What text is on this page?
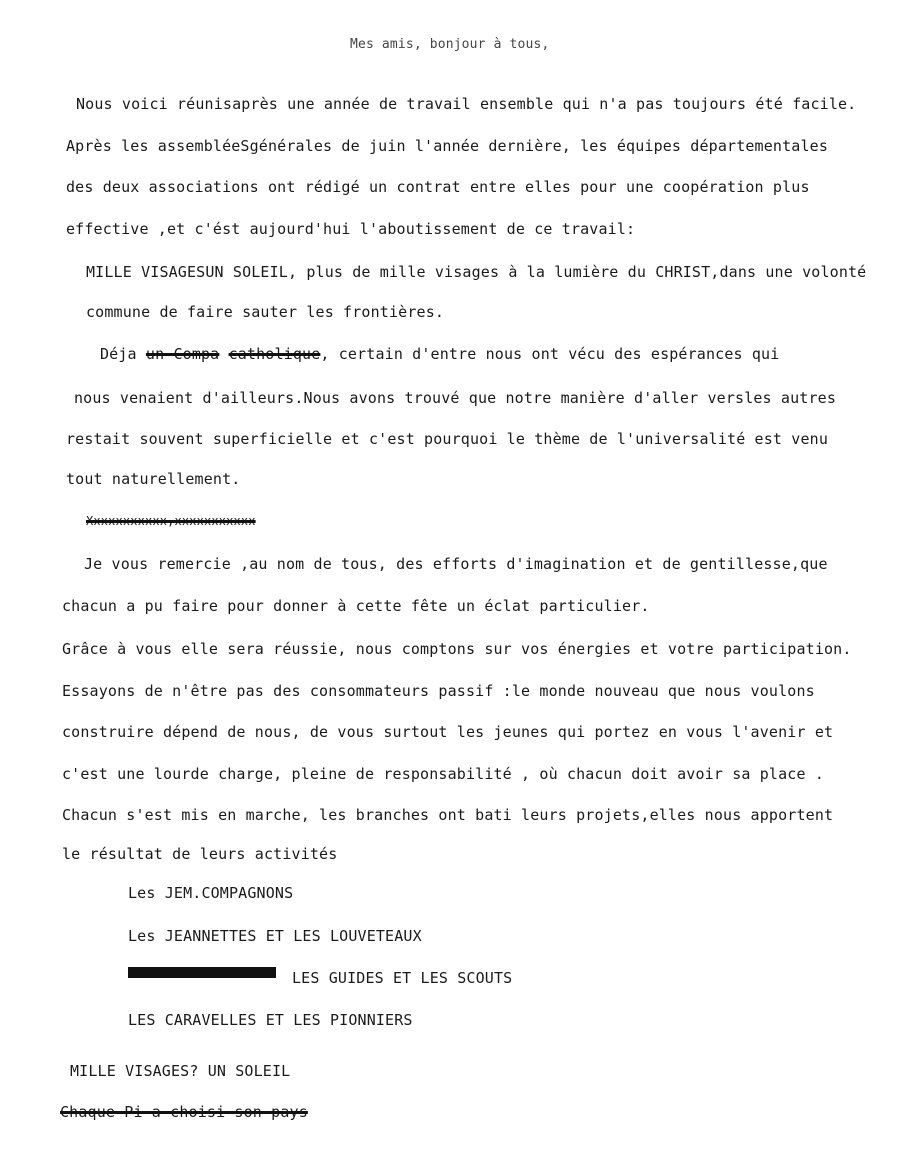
Mes amis, bonjour à tous,
Nous voici réunisaprès une année de travail ensemble qui n'a pas toujours été facile.
Après les assembléeSgénérales de juin l'année dernière, les équipes départementales
des deux associations ont rédigé un contrat entre elles pour une coopération plus
effective ,et c'ést aujourd'hui l'aboutissement de ce travail:
MILLE VISAGESUN SOLEIL, plus de mille visages à la lumière du CHRIST,dans une volonté
commune de faire sauter les frontières.
Déja un Compa catholique, certain d'entre nous ont vécu des espérances qui
nous venaient d'ailleurs.Nous avons trouvé que notre manière d'aller versles autres
restait souvent superficielle et c'est pourquoi le thème de l'universalité est venu
tout naturellement.
Xxxxxxxxxxx,xxxxxxxxxxx
Je vous remercie ,au nom de tous, des efforts d'imagination et de gentillesse,que
chacun a pu faire pour donner à cette fête un éclat particulier.
Grâce à vous elle sera réussie, nous comptons sur vos énergies et votre participation.
Essayons de n'être pas des consommateurs passif :le monde nouveau que nous voulons
construire dépend de nous, de vous surtout les jeunes qui portez en vous l'avenir et
c'est une lourde charge, pleine de responsabilité , où chacun doit avoir sa place .
Chacun s'est mis en marche, les branches ont bati leurs projets,elles nous apportent
le résultat de leurs activités
Les JEM.COMPAGNONS
Les JEANNETTES ET LES LOUVETEAUX
LES GUIDES ET LES SCOUTS
LES CARAVELLES ET LES PIONNIERS
MILLE VISAGES? UN SOLEIL
Chaque Pi a choisi son pays
